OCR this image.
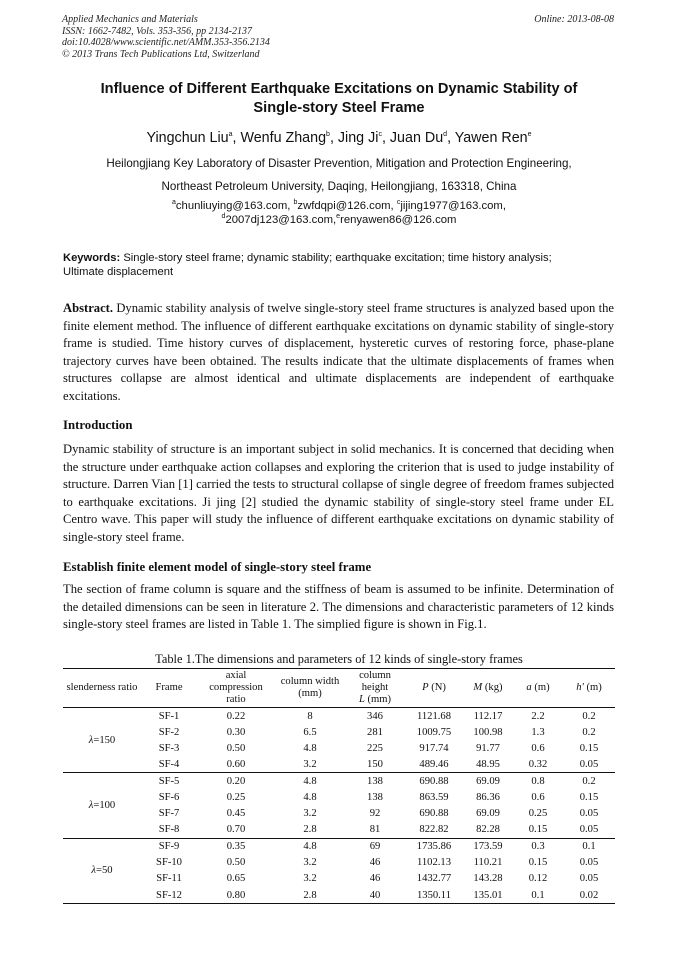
Applied Mechanics and Materials
ISSN: 1662-7482, Vols. 353-356, pp 2134-2137
doi:10.4028/www.scientific.net/AMM.353-356.2134
© 2013 Trans Tech Publications Ltd, Switzerland
Online: 2013-08-08
Influence of Different Earthquake Excitations on Dynamic Stability of
Single-story Steel Frame
Yingchun Liu$^a$, Wenfu Zhang$^b$, Jing Ji$^c$, Juan Du$^d$, Yawen Ren$^e$
Heilongjiang Key Laboratory of Disaster Prevention, Mitigation and Protection Engineering,
Northeast Petroleum University, Daqing, Heilongjiang, 163318, China
$^a$chunliuying@163.com, $^b$zwfdqpi@126.com, $^c$jijing1977@163.com,
$^d$2007dj123@163.com,$^e$renyawen86@126.com
Keywords: Single-story steel frame; dynamic stability; earthquake excitation; time history analysis;
Ultimate displacement
Abstract. Dynamic stability analysis of twelve single-story steel frame structures is analyzed based upon the finite element method. The influence of different earthquake excitations on dynamic stability of single-story frame is studied. Time history curves of displacement, hysteretic curves of restoring force, phase-plane trajectory curves have been obtained. The results indicate that the ultimate displacements of frames when structures collapse are almost identical and ultimate displacements are independent of earthquake excitations.
Introduction
Dynamic stability of structure is an important subject in solid mechanics. It is concerned that deciding when the structure under earthquake action collapses and exploring the criterion that is used to judge instability of structure. Darren Vian [1] carried the tests to structural collapse of single degree of freedom frames subjected to earthquake excitations. Ji jing [2] studied the dynamic stability of single-story steel frame under EL Centro wave. This paper will study the influence of different earthquake excitations on dynamic stability of single-story steel frame.
Establish finite element model of single-story steel frame
The section of frame column is square and the stiffness of beam is assumed to be infinite. Determination of the detailed dimensions can be seen in literature 2. The dimensions and characteristic parameters of 12 kinds single-story steel frames are listed in Table 1. The simplied figure is shown in Fig.1.
Table 1.The dimensions and parameters of 12 kinds of single-story frames
slenderness ratio	Frame	axial compression ratio	column width (mm)	column height
L (mm)	P (N)	M (kg)	a (m)	h' (m)
λ=150	SF-1	0.22	8	346	1121.68	112.17	2.2	0.2
	SF-2	0.30	6.5	281	1009.75	100.98	1.3	0.2
	SF-3	0.50	4.8	225	917.74	91.77	0.6	0.15
	SF-4	0.60	3.2	150	489.46	48.95	0.32	0.05
λ=100	SF-5	0.20	4.8	138	690.88	69.09	0.8	0.2
	SF-6	0.25	4.8	138	863.59	86.36	0.6	0.15
	SF-7	0.45	3.2	92	690.88	69.09	0.25	0.05
	SF-8	0.70	2.8	81	822.82	82.28	0.15	0.05
λ=50	SF-9	0.35	4.8	69	1735.86	173.59	0.3	0.1
	SF-10	0.50	3.2	46	1102.13	110.21	0.15	0.05
	SF-11	0.65	3.2	46	1432.77	143.28	0.12	0.05
	SF-12	0.80	2.8	40	1350.11	135.01	0.1	0.02
